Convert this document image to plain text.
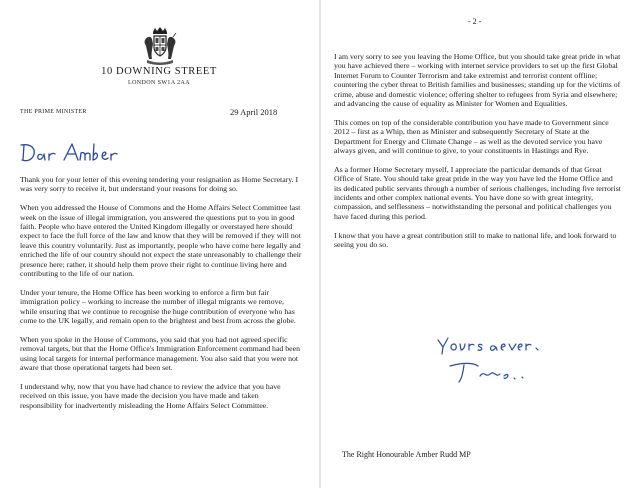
10 DOWNING STREET
LONDON SW1A 2AA
THE PRIME MINISTER	29 April 2018

Thank you for your letter of this evening tendering your resignation as Home Secretary. I was very sorry to receive it, but understand your reasons for doing so.

When you addressed the House of Commons and the Home Affairs Select Committee last week on the issue of illegal immigration, you answered the questions put to you in good faith. People who have entered the United Kingdom illegally or overstayed here should expect to face the full force of the law and know that they will be removed if they will not leave this country voluntarily. Just as importantly, people who have come here legally and enriched the life of our country should not expect the state unreasonably to challenge their presence here; rather, it should help them prove their right to continue living here and contributing to the life of our nation.

Under your tenure, the Home Office has been working to enforce a firm but fair immigration policy – working to increase the number of illegal migrants we remove, while ensuring that we continue to recognise the huge contribution of everyone who has come to the UK legally, and remain open to the brightest and best from across the globe.

When you spoke in the House of Commons, you said that you had not agreed specific removal targets, but that the Home Office's Immigration Enforcement command had been using local targets for internal performance management. You also said that you were not aware that those operational targets had been set.

I understand why, now that you have had chance to review the advice that you have received on this issue, you have made the decision you have made and taken responsibility for inadvertently misleading the Home Affairs Select Committee.

- 2 -

I am very sorry to see you leaving the Home Office, but you should take great pride in what you have achieved there – working with internet service providers to set up the first Global Internet Forum to Counter Terrorism and take extremist and terrorist content offline; countering the cyber threat to British families and businesses; standing up for the victims of crime, abuse and domestic violence; offering shelter to refugees from Syria and elsewhere; and advancing the cause of equality as Minister for Women and Equalities.

This comes on top of the considerable contribution you have made to Government since 2012 – first as a Whip, then as Minister and subsequently Secretary of State at the Department for Energy and Climate Change – as well as the devoted service you have always given, and will continue to give, to your constituents in Hastings and Rye.

As a former Home Secretary myself, I appreciate the particular demands of that Great Office of State. You should take great pride in the way you have led the Home Office and its dedicated public servants through a number of serious challenges, including five terrorist incidents and other complex national events. You have done so with great integrity, compassion, and selflessness – notwithstanding the personal and political challenges you have faced during this period.

I know that you have a great contribution still to make to national life, and look forward to seeing you do so.

The Right Honourable Amber Rudd MP
